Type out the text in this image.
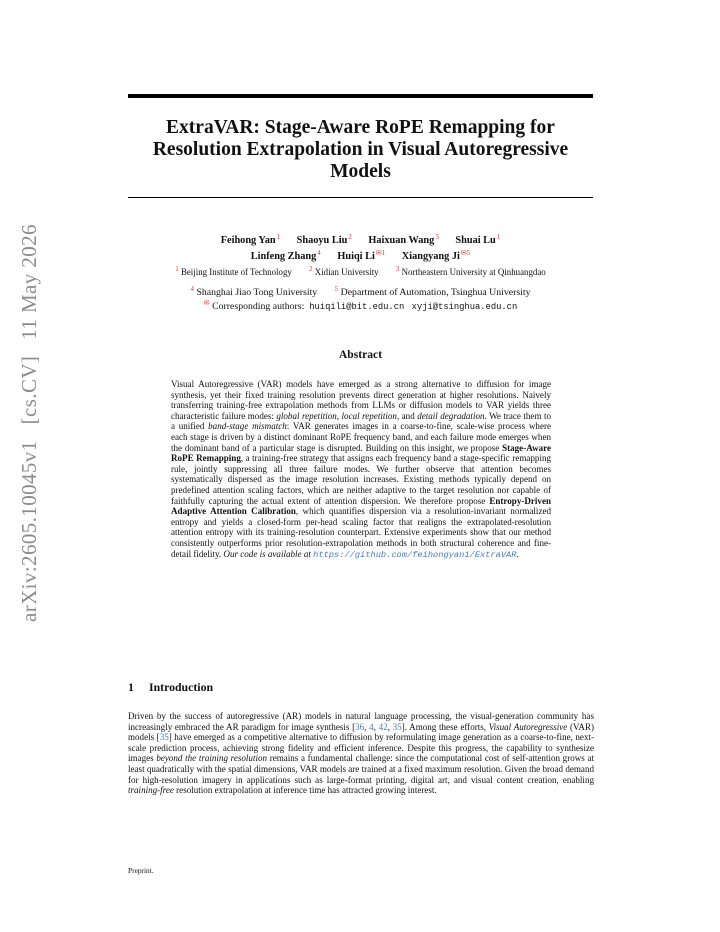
arXiv:2605.10045v1[cs.CV]11 May 2026
ExtraVAR: Stage-Aware RoPE Remapping for Resolution Extrapolation in Visual Autoregressive Models
Feihong Yan$^1$ Shaoyu Liu$^2$ Haixuan Wang$^3$ Shuai Lu$^1$
Linfeng Zhang$^4$ Huiqi $Li^{✉1}$ Xiangyang $Ji^{✉5}$
$^1$ Beijing Institute of Technology $^2$ Xidian University $^3$ Northeastern University at Qinhuangdao
$^4$ Shanghai Jiao Tong University $^5$ Department of Automation, Tsinghua University
✉ Corresponding authors: huiqili@bit.edu.cn xyji@tsinghua.edu.cn
Abstract
Visual Autoregressive (VAR) models have emerged as a strong alternative to diffusion for image synthesis, yet their fixed training resolution prevents direct generation at higher resolutions. Naively transferring training-free extrapolation methods from LLMs or diffusion models to VAR yields three characteristic failure modes: global repetition, local repetition, and detail degradation. We trace them to a unified band-stage mismatch: VAR generates images in a coarse-to-fine, scale-wise process where each stage is driven by a distinct dominant RoPE frequency band, and each failure mode emerges when the dominant band of a particular stage is disrupted. Building on this insight, we propose Stage-Aware RoPE Remapping, a training-free strategy that assigns each frequency band a stage-specific remapping rule, jointly suppressing all three failure modes. We further observe that attention becomes systematically dispersed as the image resolution increases. Existing methods typically depend on predefined attention scaling factors, which are neither adaptive to the target resolution nor capable of faithfully capturing the actual extent of attention dispersion. We therefore propose Entropy-Driven Adaptive Attention Calibration, which quantifies dispersion via a resolution-invariant normalized entropy and yields a closed-form per-head scaling factor that realigns the extrapolated-resolution attention entropy with its training-resolution counterpart. Extensive experiments show that our method consistently outperforms prior resolution-extrapolation methods in both structural coherence and fine-detail fidelity. Our code is available at https://github.com/feihongyan1/ExtraVAR.
1 Introduction
Driven by the success of autoregressive (AR) models in natural language processing, the visual-generation community has increasingly embraced the AR paradigm for image synthesis [36, 4, 42, 35]. Among these efforts, Visual Autoregressive (VAR) models [35] have emerged as a competitive alternative to diffusion by reformulating image generation as a coarse-to-fine, next-scale prediction process, achieving strong fidelity and efficient inference. Despite this progress, the capability to synthesize images beyond the training resolution remains a fundamental challenge: since the computational cost of self-attention grows at least quadratically with the spatial dimensions, VAR models are trained at a fixed maximum resolution. Given the broad demand for high-resolution imagery in applications such as large-format printing, digital art, and visual content creation, enabling training-free resolution extrapolation at inference time has attracted growing interest.
Preprint.
